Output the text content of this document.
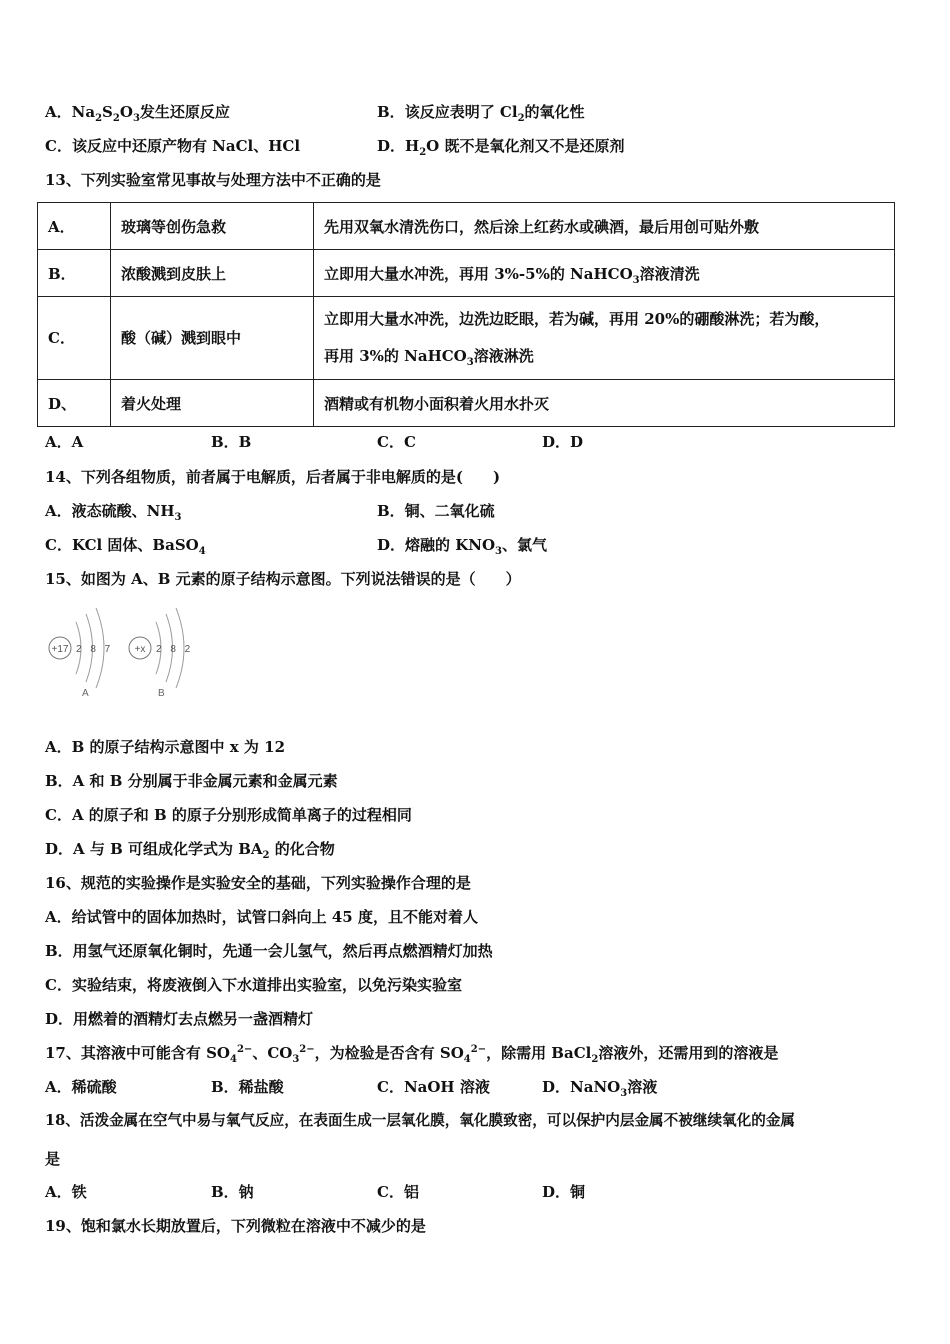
A．$Na_2S_2O_3$发生还原反应	B．该反应表明了 $Cl_2$的氧化性
C．该反应中还原产物有 NaCl、HCl	D．$H_2O$ 既不是氧化剂又不是还原剂
13、下列实验室常见事故与处理方法中不正确的是
A．	玻璃等创伤急救	先用双氧水清洗伤口，然后涂上红药水或碘酒，最后用创可贴外敷
B．	浓酸溅到皮肤上	立即用大量水冲洗，再用 3%-5%的 NaHCO$_3$溶液清洗
C．	酸（碱）溅到眼中	立即用大量水冲洗，边洗边眨眼，若为碱，再用 20%的硼酸淋洗；若为酸，
再用 3%的 NaHCO$_3$溶液淋洗
D、	着火处理	酒精或有机物小面积着火用水扑灭
A．A	B．B	C．C	D．D
14、下列各组物质，前者属于电解质，后者属于非电解质的是(　　)
A．液态硫酸、$NH_3$	B．铜、二氧化硫
C．KCl 固体、BaSO$_4$	D．熔融的 $KNO_3$、氯气
15、如图为 A、B 元素的原子结构示意图。下列说法错误的是（　　）
+17 2 8 7
A
+x 2 8 2
B
A．B 的原子结构示意图中 x 为 12
B．A 和 B 分别属于非金属元素和金属元素
C．A 的原子和 B 的原子分别形成简单离子的过程相同
D．A 与 B 可组成化学式为 $BA_2$ 的化合物
16、规范的实验操作是实验安全的基础，下列实验操作合理的是
A．给试管中的固体加热时，试管口斜向上 45 度，且不能对着人
B．用氢气还原氧化铜时，先通一会儿氢气，然后再点燃酒精灯加热
C．实验结束，将废液倒入下水道排出实验室，以免污染实验室
D．用燃着的酒精灯去点燃另一盏酒精灯
17、其溶液中可能含有 $SO_4^{2-}$、$CO_3^{2-}$，为检验是否含有 $SO_4^{2-}$，除需用 BaCl$_2$溶液外，还需用到的溶液是
A．稀硫酸	B．稀盐酸	C．NaOH 溶液	D．NaNO$_3$溶液
18、活泼金属在空气中易与氧气反应，在表面生成一层氧化膜，氧化膜致密，可以保护内层金属不被继续氧化的金属
是
A．铁	B．钠	C．铝	D．铜
19、饱和氯水长期放置后，下列微粒在溶液中不减少的是
